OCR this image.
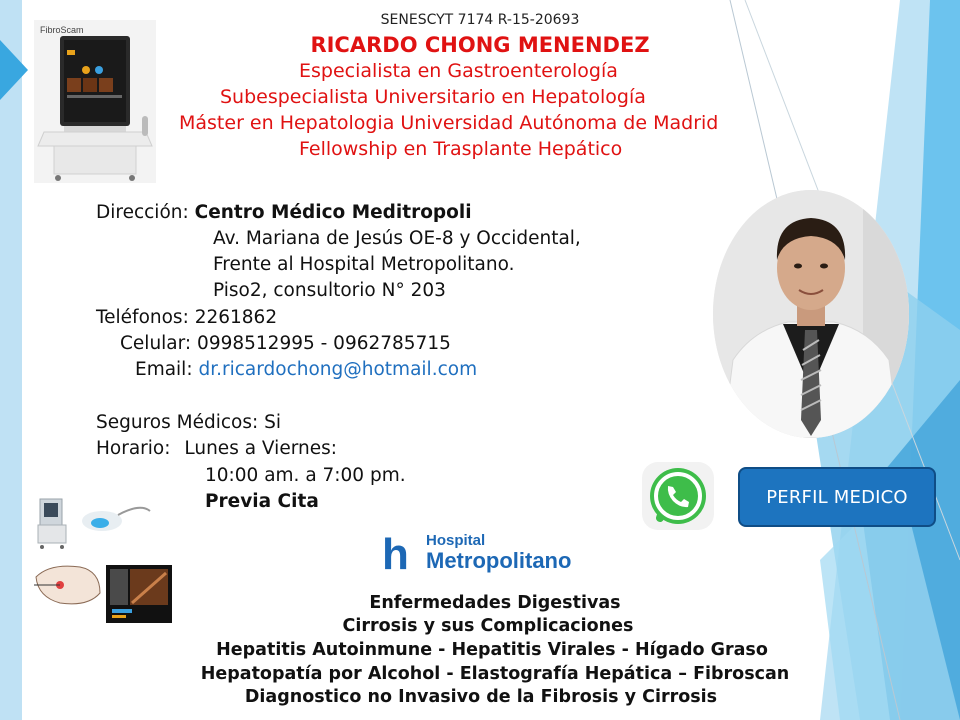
SENESCYT 7174 R-15-20693
RICARDO CHONG MENENDEZ
Especialista en Gastroenterología
Subespecialista Universitario en Hepatología
Máster en Hepatologia Universidad Autónoma de Madrid
Fellowship en Trasplante Hepático
FibroScam
Dirección: Centro Médico Meditropoli
Av. Mariana de Jesús OE-8 y Occidental,
Frente al Hospital Metropolitano.
Piso2, consultorio N° 203
Teléfonos: 2261862
Celular: 0998512995 - 0962785715
Email: dr.ricardochong@hotmail.com
Seguros Médicos: Si
Horario: Lunes a Viernes:
10:00 am. a 7:00 pm.
Previa Cita	PERFIL MEDICO
h Hospital
Metropolitano
Enfermedades Digestivas
Cirrosis y sus Complicaciones
Hepatitis Autoinmune - Hepatitis Virales - Hígado Graso
Hepatopatía por Alcohol - Elastografía Hepática – Fibroscan
Diagnostico no Invasivo de la Fibrosis y Cirrosis
